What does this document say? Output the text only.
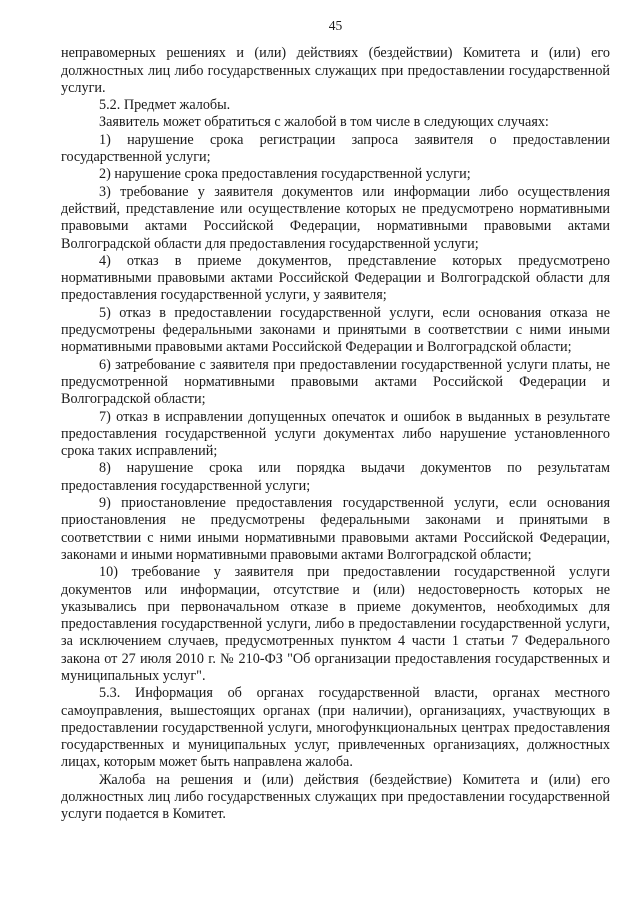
45

неправомерных решениях и (или) действиях (бездействии) Комитета и (или) его должностных лиц либо государственных служащих при предоставлении государственной услуги.

5.2. Предмет жалобы.

Заявитель может обратиться с жалобой в том числе в следующих случаях:

1) нарушение срока регистрации запроса заявителя о предоставлении государственной услуги;

2) нарушение срока предоставления государственной услуги;

3) требование у заявителя документов или информации либо осуществления действий, представление или осуществление которых не предусмотрено нормативными правовыми актами Российской Федерации, нормативными правовыми актами Волгоградской области для предоставления государственной услуги;

4) отказ в приеме документов, представление которых предусмотрено нормативными правовыми актами Российской Федерации и Волгоградской области для предоставления государственной услуги, у заявителя;

5) отказ в предоставлении государственной услуги, если основания отказа не предусмотрены федеральными законами и принятыми в соответствии с ними иными нормативными правовыми актами Российской Федерации и Волгоградской области;

6) затребование с заявителя при предоставлении государственной услуги платы, не предусмотренной нормативными правовыми актами Российской Федерации и Волгоградской области;

7) отказ в исправлении допущенных опечаток и ошибок в выданных в результате предоставления государственной услуги документах либо нарушение установленного срока таких исправлений;

8) нарушение срока или порядка выдачи документов по результатам предоставления государственной услуги;

9) приостановление предоставления государственной услуги, если основания приостановления не предусмотрены федеральными законами и принятыми в соответствии с ними иными нормативными правовыми актами Российской Федерации, законами и иными нормативными правовыми актами Волгоградской области;

10) требование у заявителя при предоставлении государственной услуги документов или информации, отсутствие и (или) недостоверность которых не указывались при первоначальном отказе в приеме документов, необходимых для предоставления государственной услуги, либо в предоставлении государственной услуги, за исключением случаев, предусмотренных пунктом 4 части 1 статьи 7 Федерального закона от 27 июля 2010 г. № 210-ФЗ "Об организации предоставления государственных и муниципальных услуг".

5.3. Информация об органах государственной власти, органах местного самоуправления, вышестоящих органах (при наличии), организациях, участвующих в предоставлении государственной услуги, многофункциональных центрах предоставления государственных и муниципальных услуг, привлеченных организациях, должностных лицах, которым может быть направлена жалоба.

Жалоба на решения и (или) действия (бездействие) Комитета и (или) его должностных лиц либо государственных служащих при предоставлении государственной услуги подается в Комитет.
